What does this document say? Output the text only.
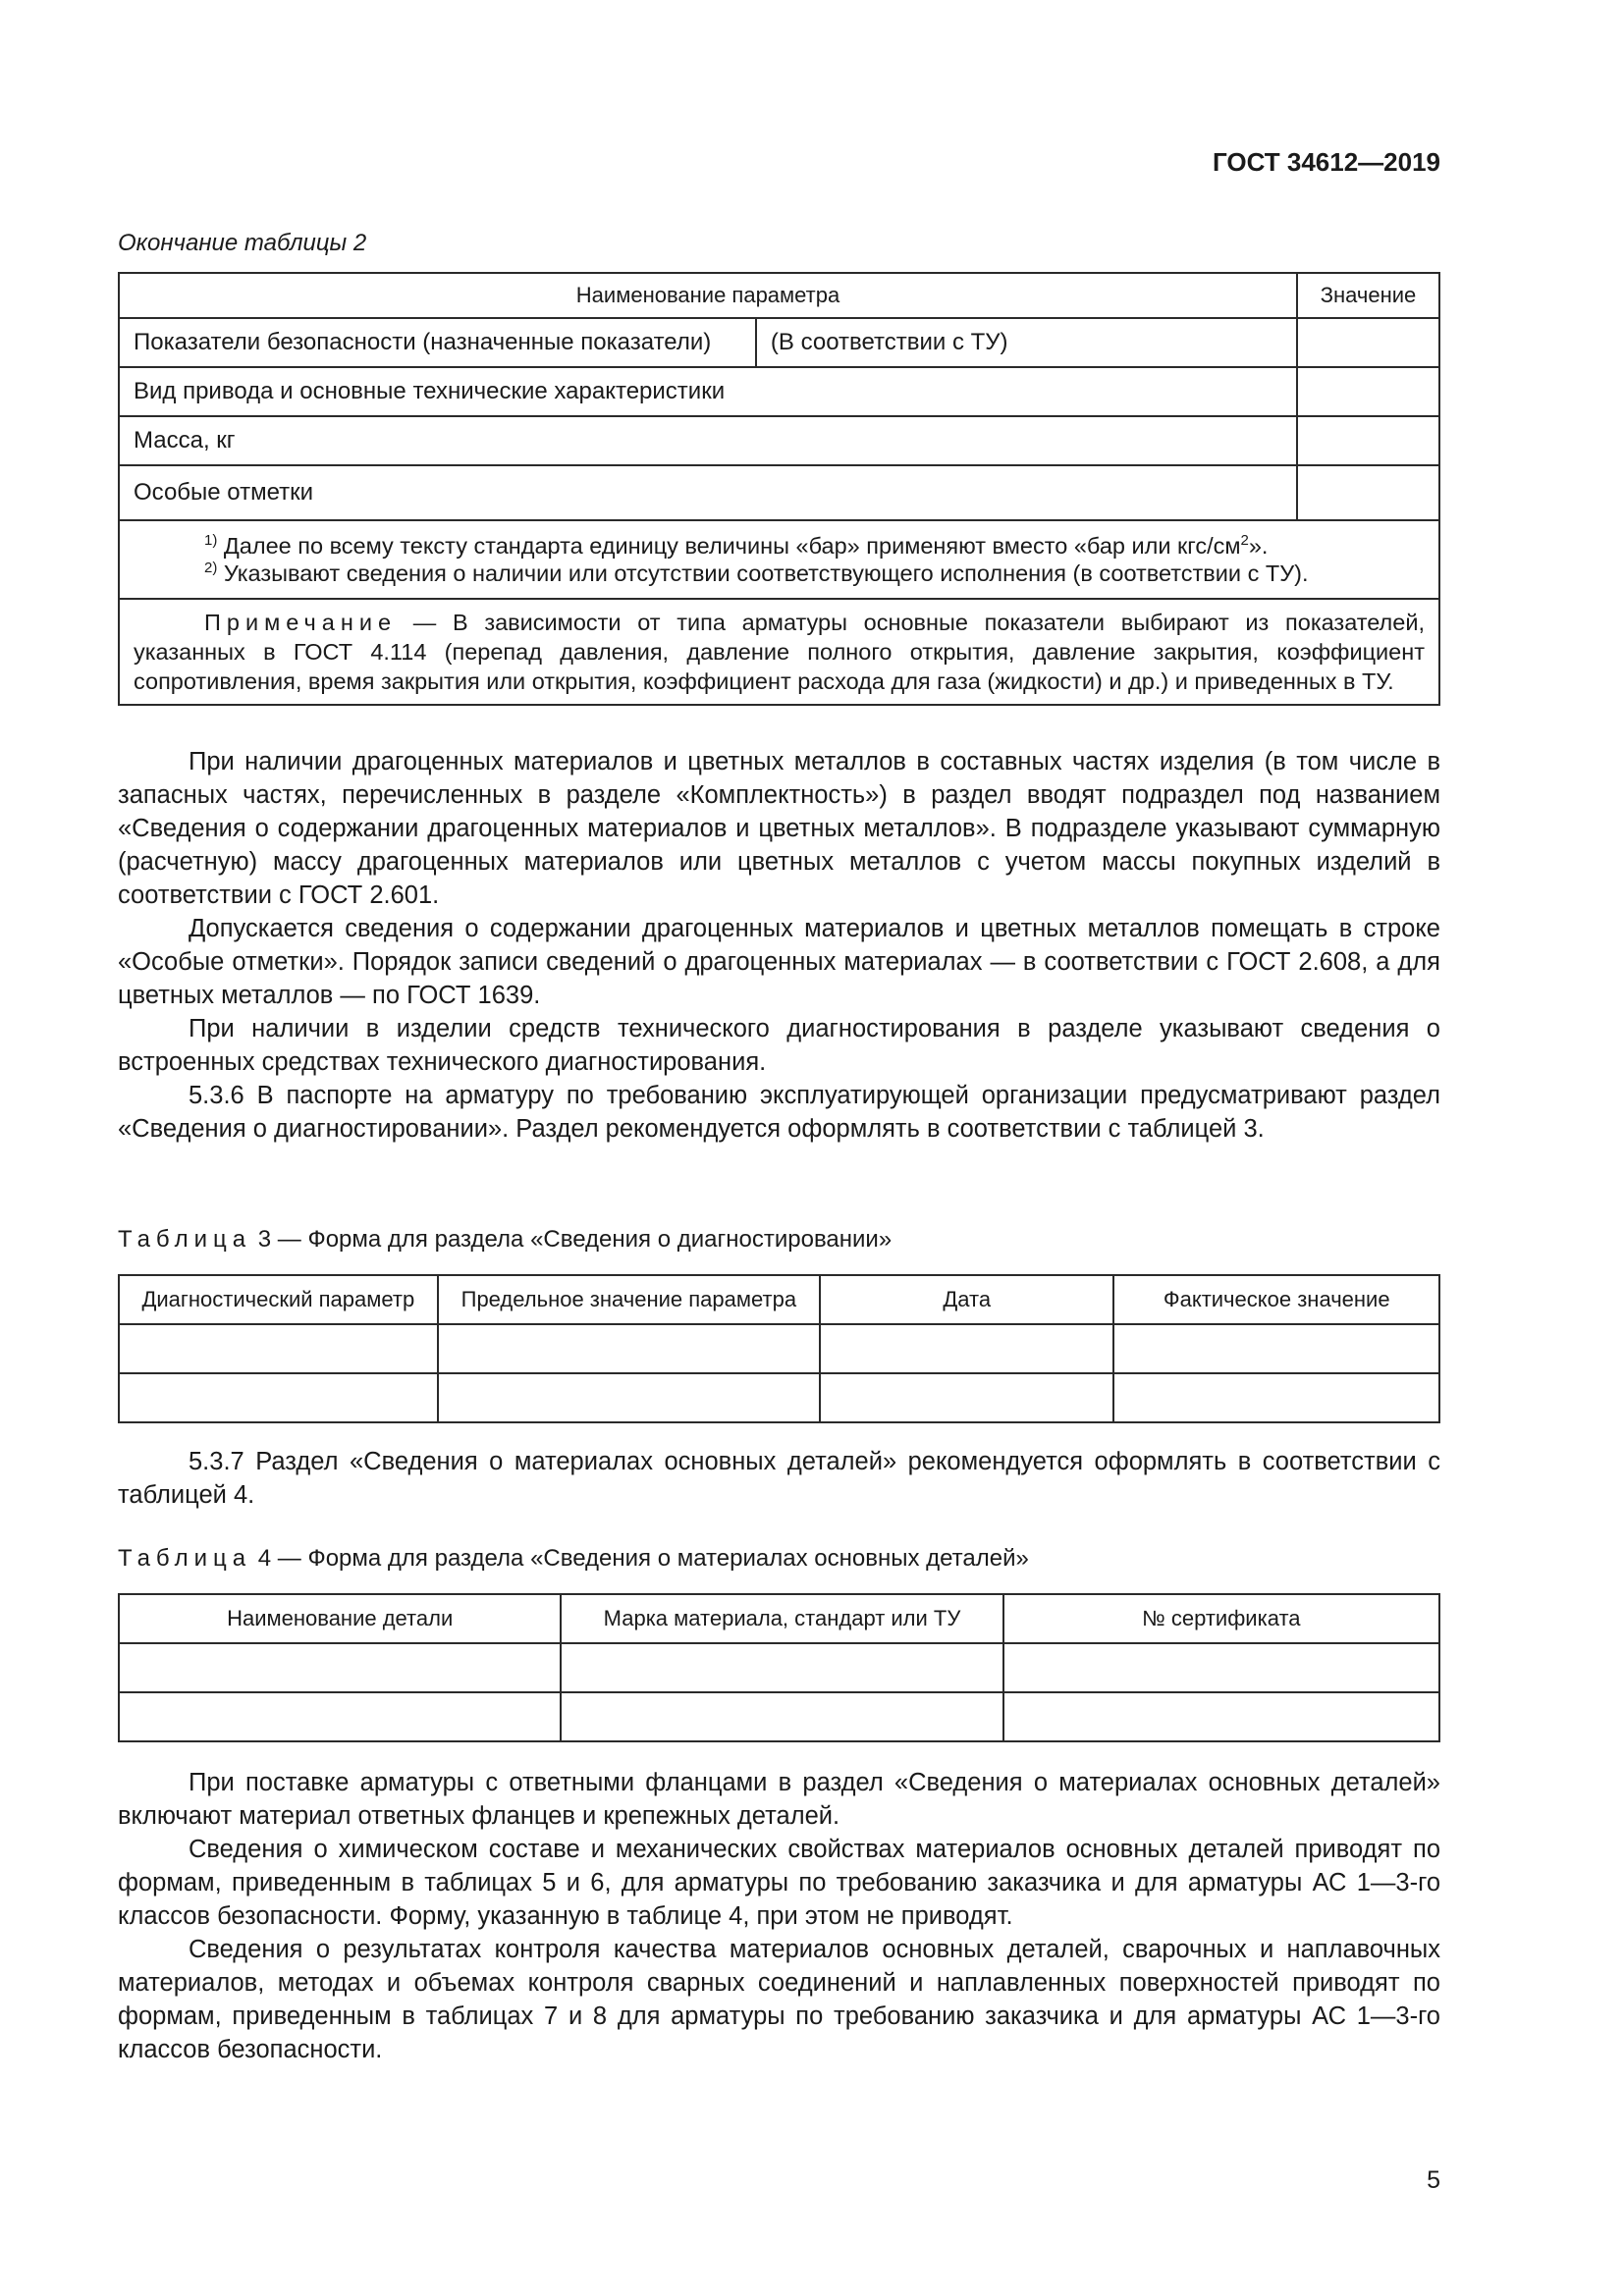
ГОСТ 34612—2019
Окончание таблицы 2
Наименование параметра		Значение
Показатели безопасности (назначенные показатели)	(В соответствии с ТУ)	
Вид привода и основные технические характеристики		
Масса, кг		
Особые отметки		

$^{1)}$ Далее по всему тексту стандарта единицу величины «бар» применяют вместо «бар или кгс/$см^2$».
$^{2)}$ Указывают сведения о наличии или отсутствии соответствующего исполнения (в соответствии с ТУ).		

Примечание — В зависимости от типа арматуры основные показатели выбирают из показателей, указанных в ГОСТ 4.114 (перепад давления, давление полного открытия, давление закрытия, коэффициент сопротивления, время закрытия или открытия, коэффициент расхода для газа (жидкости) и др.) и приведенных в ТУ.		

При наличии драгоценных материалов и цветных металлов в составных частях изделия (в том числе в запасных частях, перечисленных в разделе «Комплектность») в раздел вводят подраздел под названием «Сведения о содержании драгоценных материалов и цветных металлов». В подразделе указывают суммарную (расчетную) массу драгоценных материалов или цветных металлов с учетом массы покупных изделий в соответствии с ГОСТ 2.601.

Допускается сведения о содержании драгоценных материалов и цветных металлов помещать в строке «Особые отметки». Порядок записи сведений о драгоценных материалах — в соответствии с ГОСТ 2.608, а для цветных металлов — по ГОСТ 1639.

При наличии в изделии средств технического диагностирования в разделе указывают сведения о встроенных средствах технического диагностирования.

5.3.6 В паспорте на арматуру по требованию эксплуатирующей организации предусматривают раздел «Сведения о диагностировании». Раздел рекомендуется оформлять в соответствии с таблицей 3.

Таблица 3 — Форма для раздела «Сведения о диагностировании»
Диагностический параметр	Предельное значение параметра	Дата	Фактическое значение

5.3.7 Раздел «Сведения о материалах основных деталей» рекомендуется оформлять в соответствии с таблицей 4.

Таблица 4 — Форма для раздела «Сведения о материалах основных деталей»
Наименование детали	Марка материала, стандарт или ТУ	№ сертификата

При поставке арматуры с ответными фланцами в раздел «Сведения о материалах основных деталей» включают материал ответных фланцев и крепежных деталей.

Сведения о химическом составе и механических свойствах материалов основных деталей приводят по формам, приведенным в таблицах 5 и 6, для арматуры по требованию заказчика и для арматуры АС 1—3-го классов безопасности. Форму, указанную в таблице 4, при этом не приводят.

Сведения о результатах контроля качества материалов основных деталей, сварочных и наплавочных материалов, методах и объемах контроля сварных соединений и наплавленных поверхностей приводят по формам, приведенным в таблицах 7 и 8 для арматуры по требованию заказчика и для арматуры АС 1—3-го классов безопасности.

5
